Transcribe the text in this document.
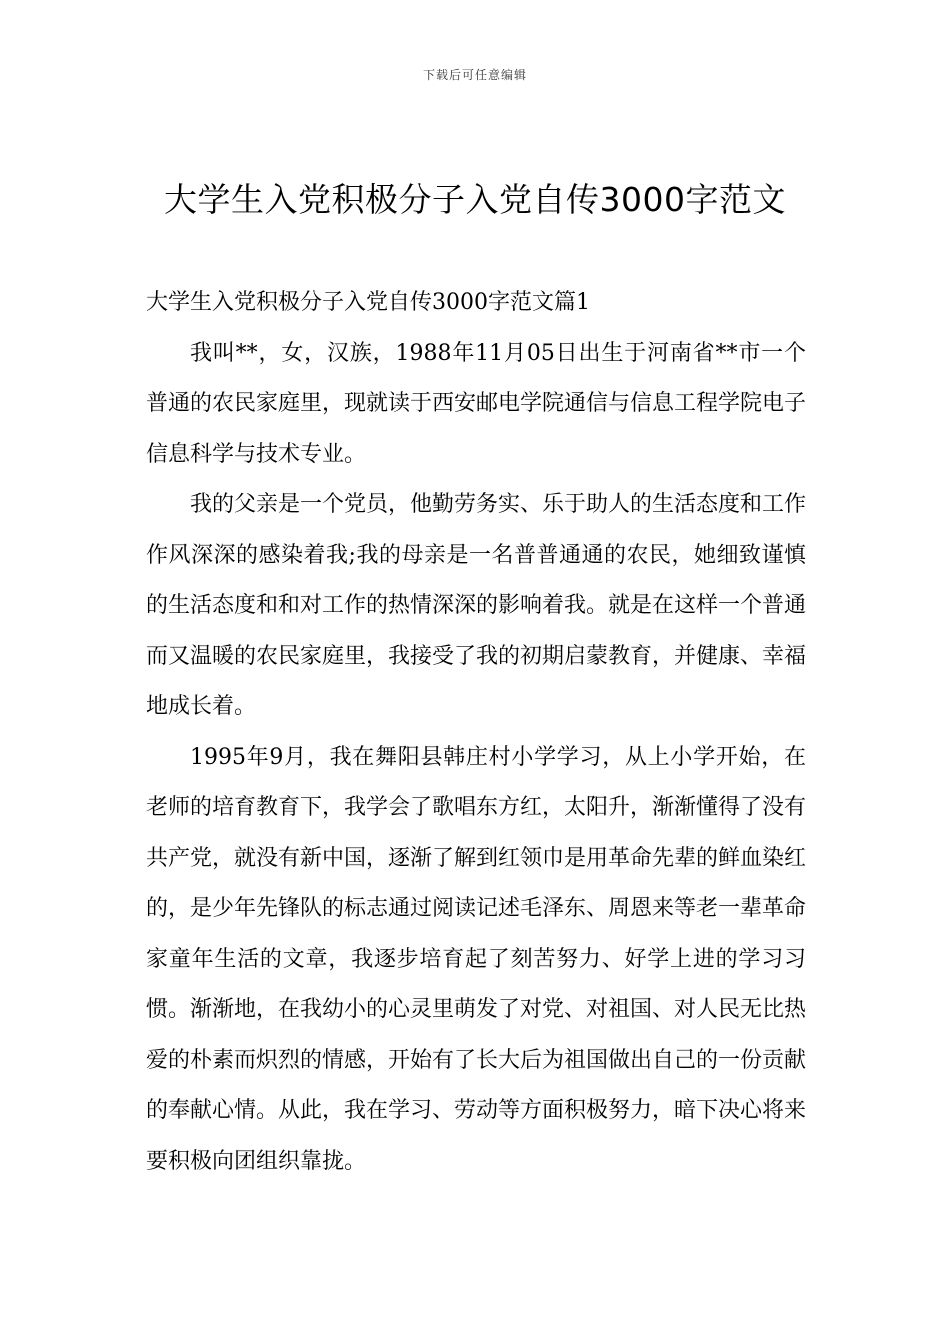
下载后可任意编辑
大学生入党积极分子入党自传3000字范文

大学生入党积极分子入党自传3000字范文篇1

我叫**，女，汉族，1988年11月05日出生于河南省**市一个普通的农民家庭里，现就读于西安邮电学院通信与信息工程学院电子信息科学与技术专业。

我的父亲是一个党员，他勤劳务实、乐于助人的生活态度和工作作风深深的感染着我;我的母亲是一名普普通通的农民，她细致谨慎的生活态度和和对工作的热情深深的影响着我。就是在这样一个普通而又温暖的农民家庭里，我接受了我的初期启蒙教育，并健康、幸福地成长着。

1995年9月，我在舞阳县韩庄村小学学习，从上小学开始，在老师的培育教育下，我学会了歌唱东方红，太阳升，渐渐懂得了没有共产党，就没有新中国，逐渐了解到红领巾是用革命先辈的鲜血染红的，是少年先锋队的标志通过阅读记述毛泽东、周恩来等老一辈革命家童年生活的文章，我逐步培育起了刻苦努力、好学上进的学习习惯。渐渐地，在我幼小的心灵里萌发了对党、对祖国、对人民无比热爱的朴素而炽烈的情感，开始有了长大后为祖国做出自己的一份贡献的奉献心情。从此，我在学习、劳动等方面积极努力，暗下决心将来要积极向团组织靠拢。
